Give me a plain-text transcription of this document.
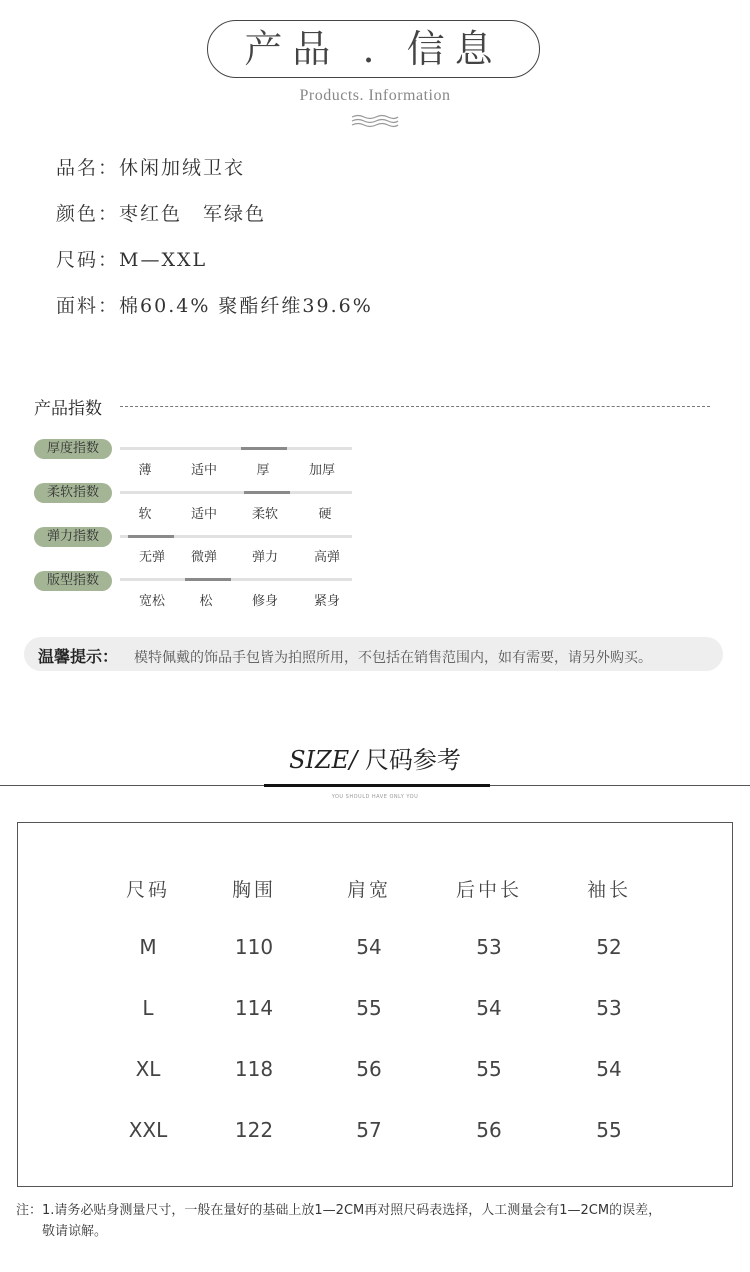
产品 . 信息
Products. Information
品名：休闲加绒卫衣
颜色：枣红色　军绿色
尺码：M—XXL
面料：棉60.4% 聚酯纤维39.6%
产品指数
厚度指数
薄	适中	厚	加厚
柔软指数
软	适中	柔软	硬
弹力指数
无弹	微弹	弹力	高弹
版型指数
宽松	松	修身	紧身
温馨提示： 模特佩戴的饰品手包皆为拍照所用，不包括在销售范围内，如有需要，请另外购买。
SIZE/ 尺码参考
YOU SHOULD HAVE ONLY YOU
尺码	胸围	肩宽	后中长	袖长
M	110	54	53	52
L	114	55	54	53
XL	118	56	55	54
XXL	122	57	56	55
注：1.请务必贴身测量尺寸，一般在量好的基础上放1—2CM再对照尺码表选择，人工测量会有1—2CM的误差，
敬请谅解。
